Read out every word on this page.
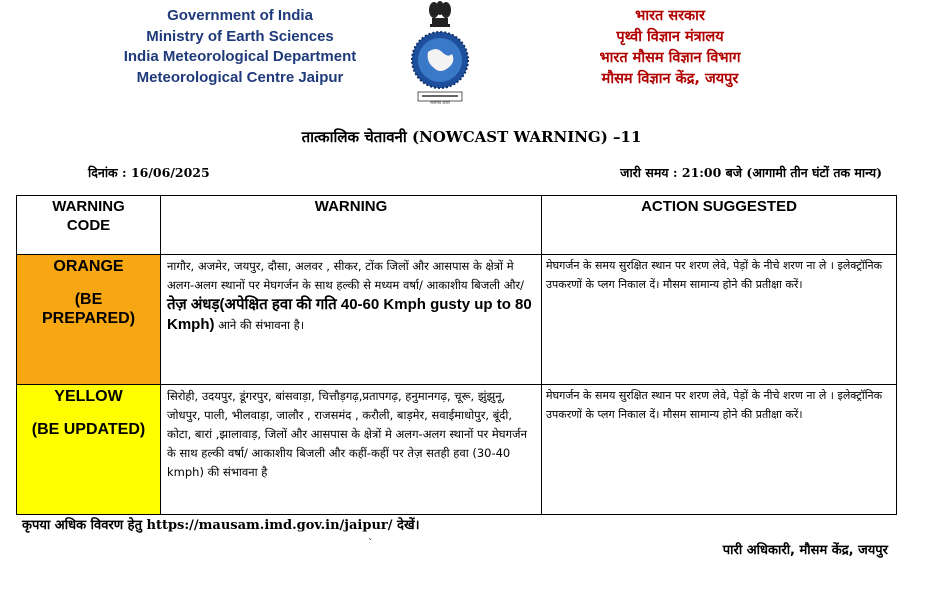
Government of India
Ministry of Earth Sciences
India Meteorological Department
Meteorological Centre Jaipur
सत्यमेव जयते
भारत सरकार
पृथ्वी विज्ञान मंत्रालय
भारत मौसम विज्ञान विभाग
मौसम विज्ञान केंद्र, जयपुर
तात्कालिक चेतावनी (NOWCAST WARNING) –11
दिनांक : 16/06/2025	जारी समय : 21:00 बजे (आगामी तीन घंटों तक मान्य)
WARNING CODE	WARNING	ACTION SUGGESTED

ORANGE
(BE PREPARED)	नागौर, अजमेर, जयपुर, दौसा, अलवर , सीकर, टोंक जिलों और आसपास के क्षेत्रों मे अलग-अलग स्थानों पर मेघगर्जन के साथ हल्की से मध्यम वर्षा/ आकाशीय बिजली और/ तेज़ अंधड़(अपेक्षित हवा की गति 40-60 Kmph gusty up to 80 Kmph) आने की संभावना है।	मेघगर्जन के समय सुरक्षित स्थान पर शरण लेवे, पेड़ों के नीचे शरण ना ले । इलेक्ट्रॉनिक उपकरणों के प्लग निकाल दें। मौसम सामान्य होने की प्रतीक्षा करें।

YELLOW
(BE UPDATED)	सिरोही, उदयपुर, डूंगरपुर, बांसवाड़ा, चित्तौड़गढ़,प्रतापगढ़, हनुमानगढ़, चूरू, झुंझुनू, जोधपुर, पाली, भीलवाड़ा, जालौर , राजसमंद , करौली, बाड़मेर, सवाईमाधोपुर, बूंदी, कोटा, बारां ,झालावाड़, जिलों और आसपास के क्षेत्रों मे अलग-अलग स्थानों पर मेघगर्जन के साथ हल्की वर्षा/ आकाशीय बिजली और कहीं-कहीं पर तेज़ सतही हवा (30-40 kmph) की संभावना है	मेघगर्जन के समय सुरक्षित स्थान पर शरण लेवे, पेड़ों के नीचे शरण ना ले । इलेक्ट्रॉनिक उपकरणों के प्लग निकाल दें। मौसम सामान्य होने की प्रतीक्षा करें।
कृपया अधिक विवरण हेतु https://mausam.imd.gov.in/jaipur/ देखें।
`	पारी अधिकारी, मौसम केंद्र, जयपुर
